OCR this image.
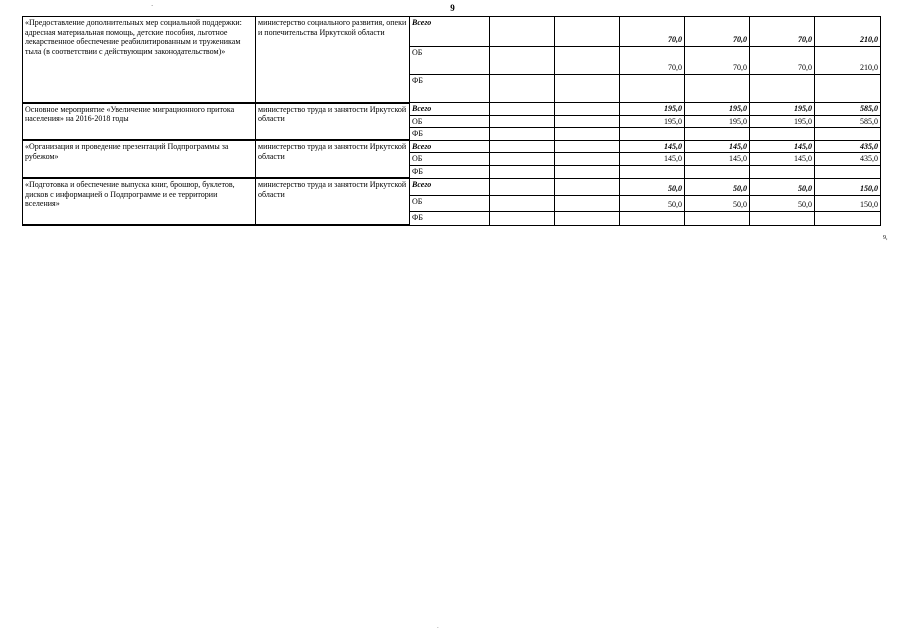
9
`
«Предоставление дополнительных мер социальной поддержки: адресная материальная помощь, детские пособия, льготное лекарственное обеспечение реабилитированным и труженикам тыла (в соответствии с действующим законодательством)»	министерство социального развития, опеки и попечительства Иркутской области	Всего			70,0	70,0	70,0	210,0
		ОБ			70,0	70,0	70,0	210,0
		ФБ						
Основное мероприятие «Увеличение миграционного притока населения» на 2016-2018 годы	министерство труда и занятости Иркутской области	Всего			195,0	195,0	195,0	585,0
		ОБ			195,0	195,0	195,0	585,0
		ФБ						
«Организация и проведение презентаций Подпрограммы за рубежом»	министерство труда и занятости Иркутской области	Всего			145,0	145,0	145,0	435,0
		ОБ			145,0	145,0	145,0	435,0
		ФБ						
«Подготовка и обеспечение выпуска книг, брошюр, буклетов, дисков с информацией о Подпрограмме и ее территории вселения»	министерство труда и занятости Иркутской области	Всего			50,0	50,0	50,0	150,0
		ОБ			50,0	50,0	50,0	150,0
		ФБ						
9,
.
